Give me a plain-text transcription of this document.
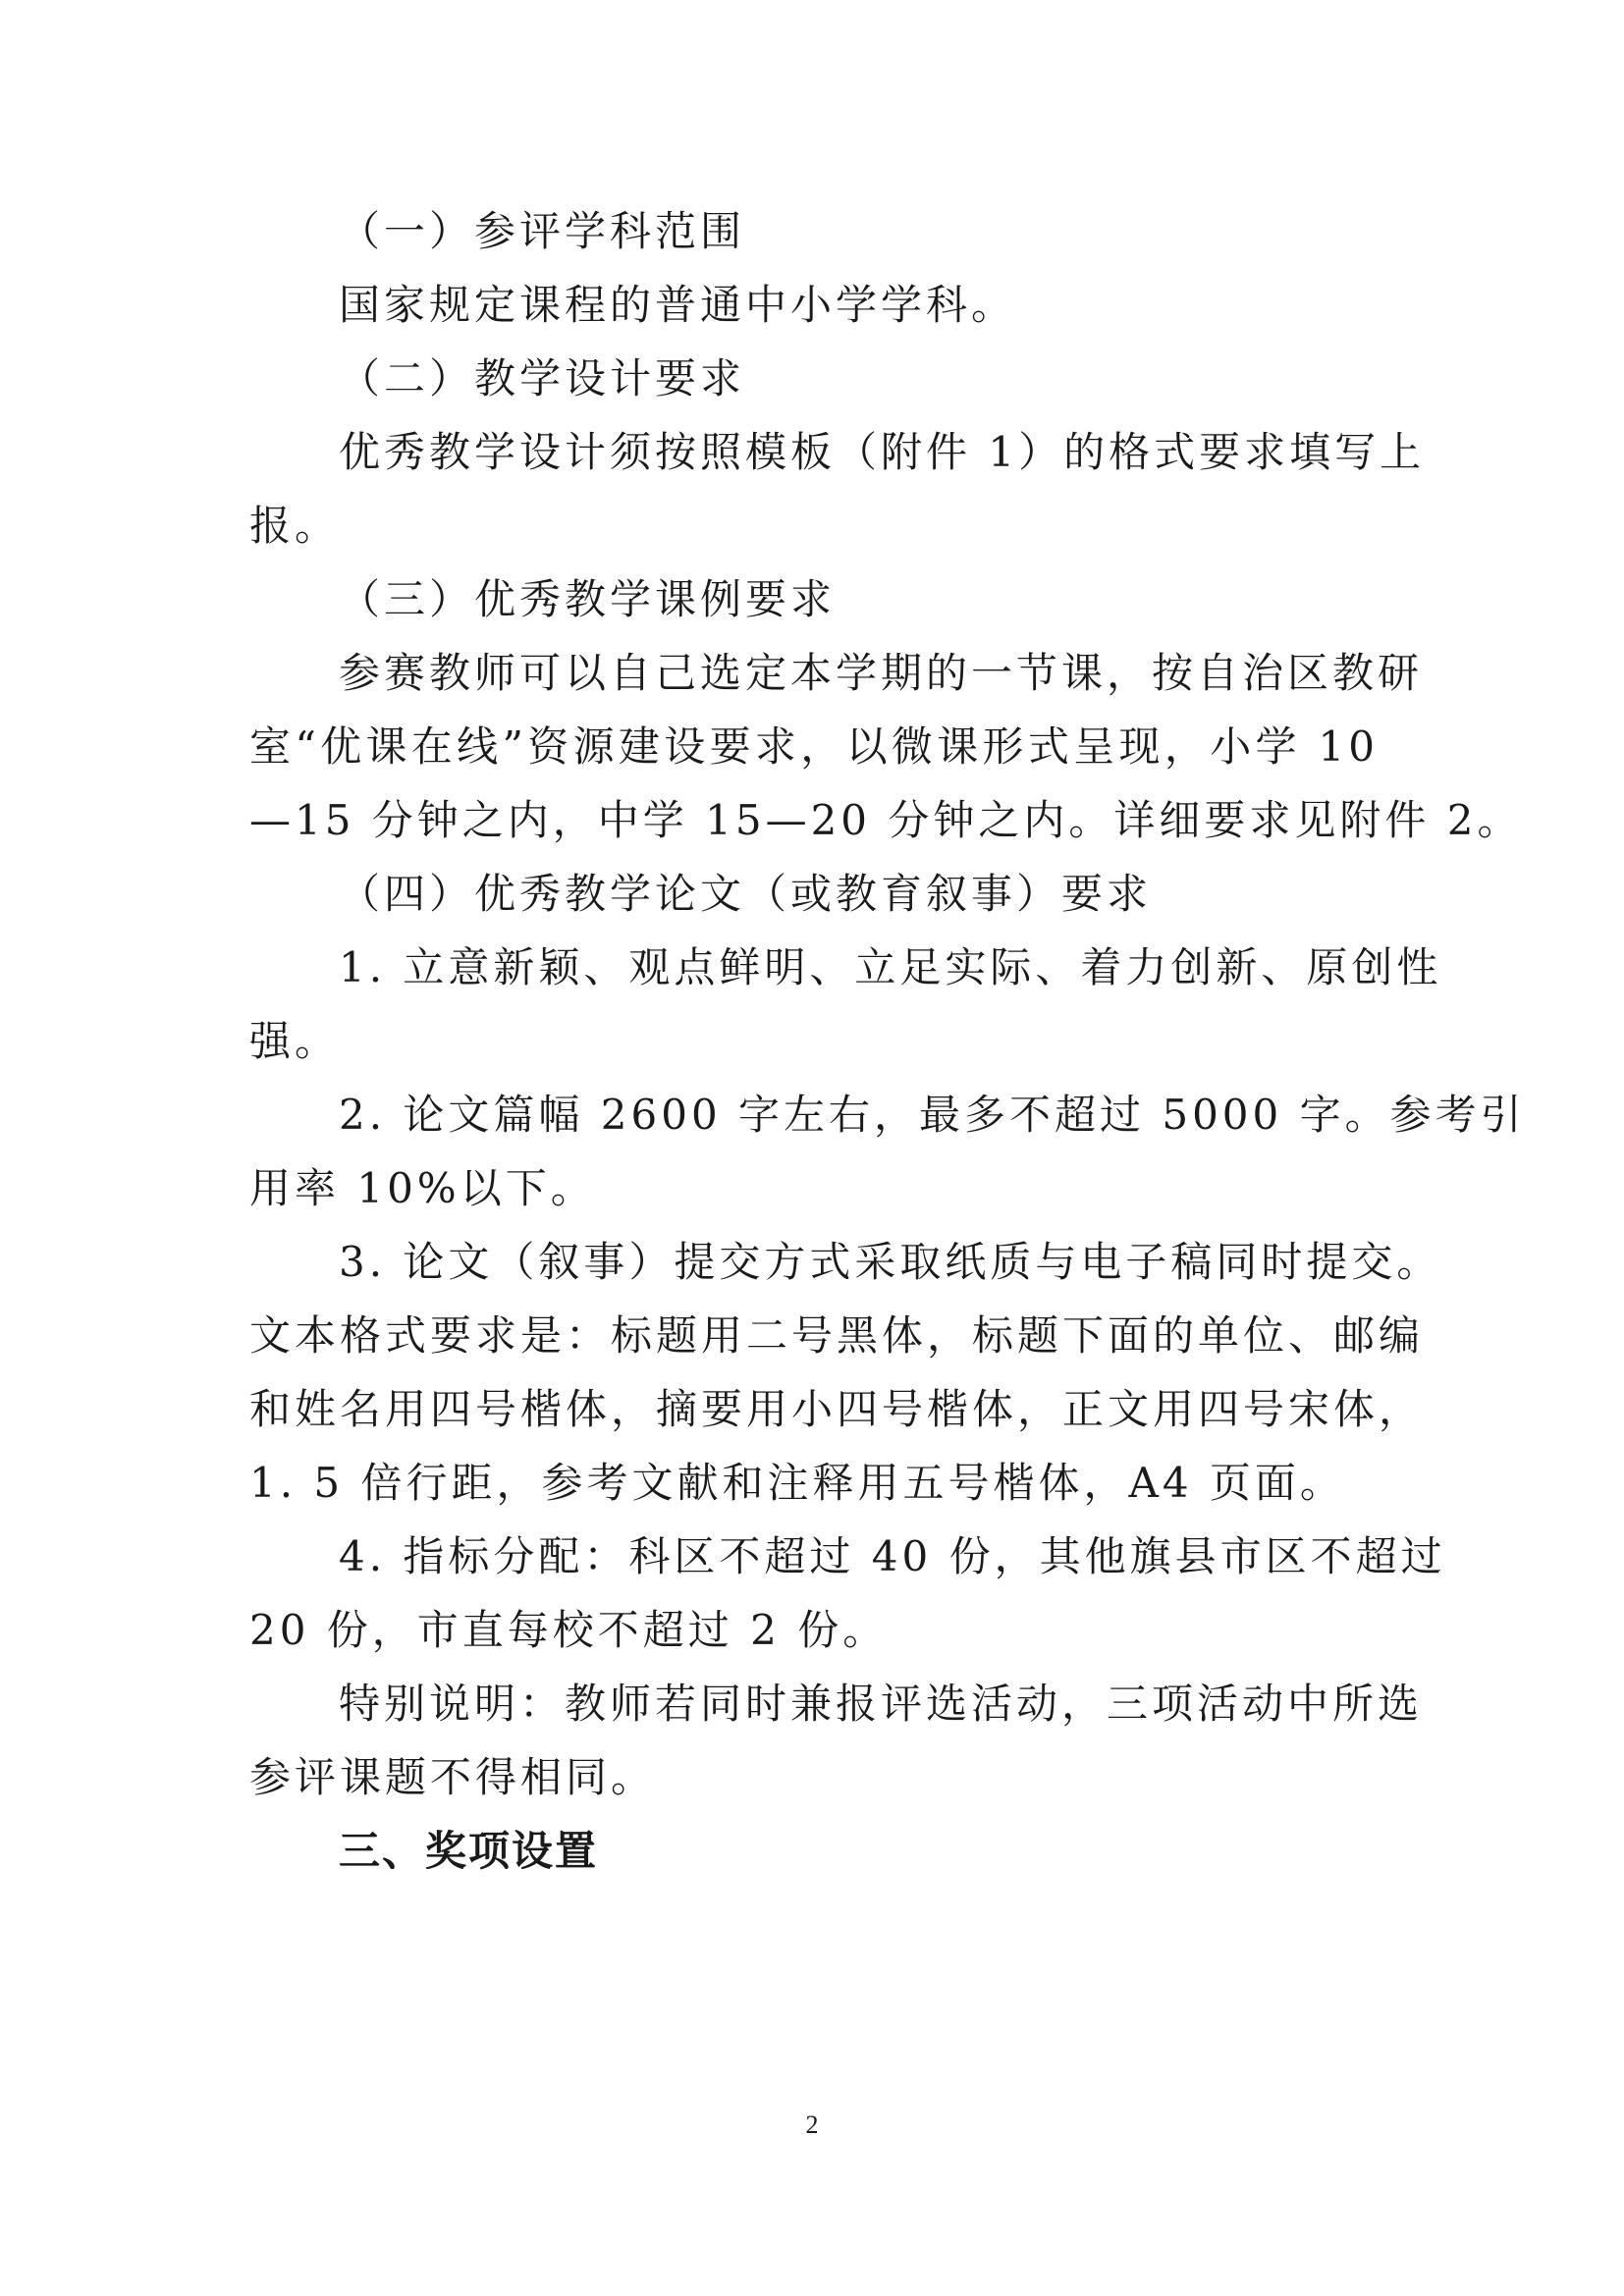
（一）参评学科范围
国家规定课程的普通中小学学科。
（二）教学设计要求
优秀教学设计须按照模板（附件 1）的格式要求填写上
报。
（三）优秀教学课例要求
参赛教师可以自己选定本学期的一节课，按自治区教研
室“优课在线”资源建设要求，以微课形式呈现，小学 10
—15 分钟之内，中学 15—20 分钟之内。详细要求见附件 2。
（四）优秀教学论文（或教育叙事）要求
1. 立意新颖、观点鲜明、立足实际、着力创新、原创性
强。
2. 论文篇幅 2600 字左右，最多不超过 5000 字。参考引
用率 10%以下。
3. 论文（叙事）提交方式采取纸质与电子稿同时提交。
文本格式要求是：标题用二号黑体，标题下面的单位、邮编
和姓名用四号楷体，摘要用小四号楷体，正文用四号宋体，
1. 5 倍行距，参考文献和注释用五号楷体，A4 页面。
4. 指标分配：科区不超过 40 份，其他旗县市区不超过
20 份，市直每校不超过 2 份。
特别说明：教师若同时兼报评选活动，三项活动中所选
参评课题不得相同。
三、奖项设置
2
